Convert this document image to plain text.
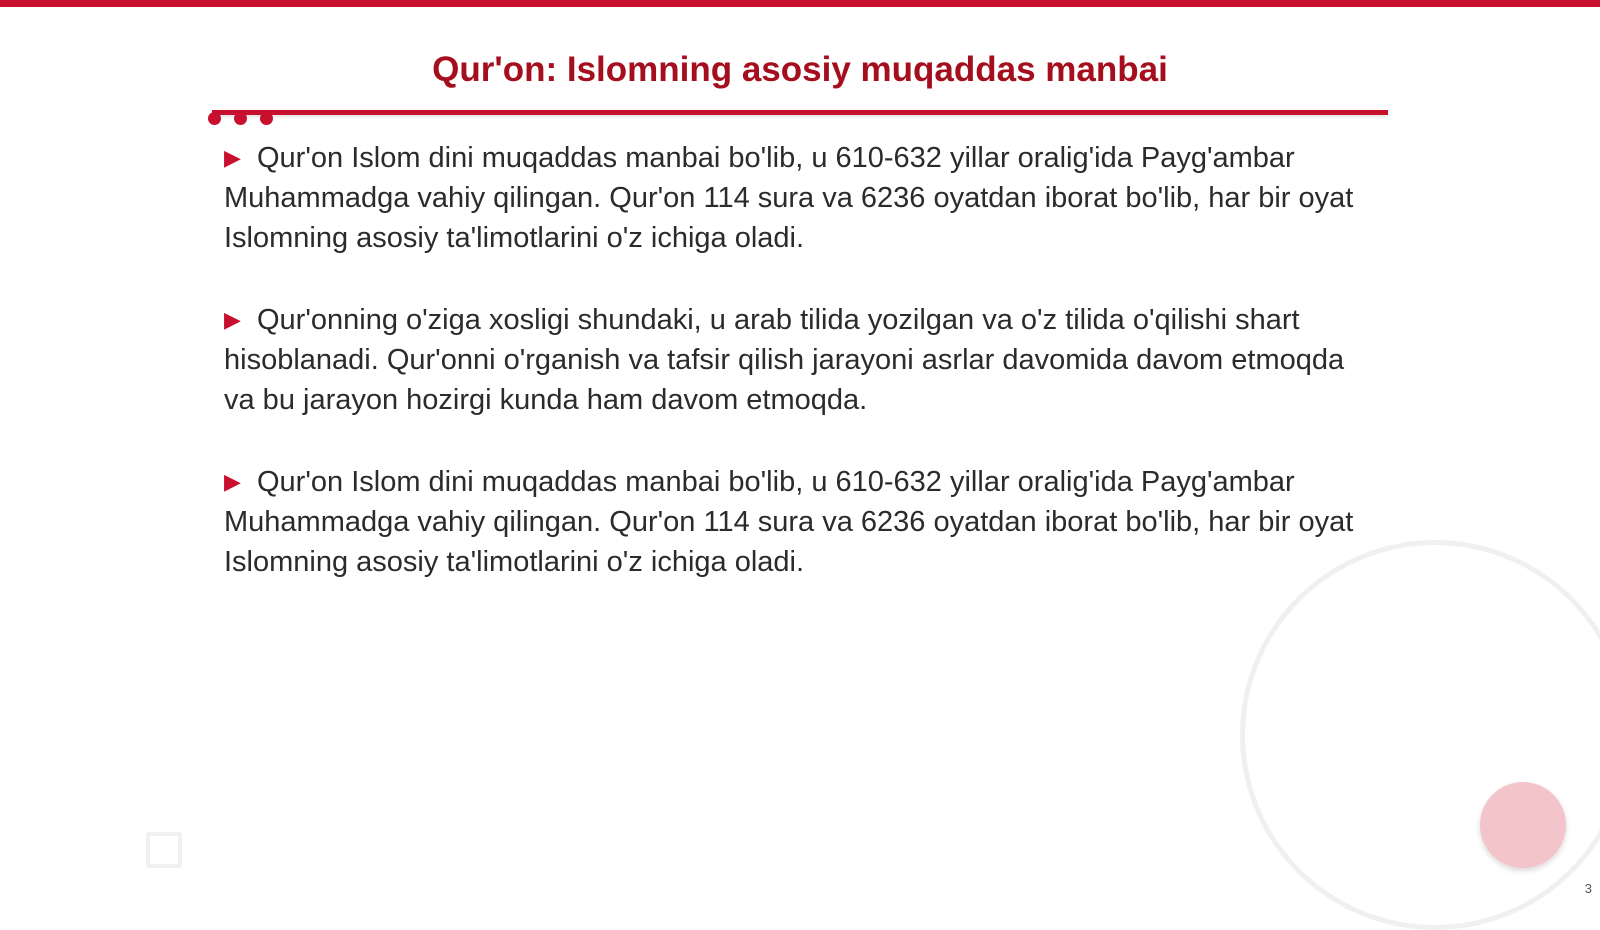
Qur'on: Islomning asosiy muqaddas manbai

▶ Qur'on Islom dini muqaddas manbai bo'lib, u 610-632 yillar oralig'ida Payg'ambar Muhammadga vahiy qilingan. Qur'on 114 sura va 6236 oyatdan iborat bo'lib, har bir oyat Islomning asosiy ta'limotlarini o'z ichiga oladi.

▶ Qur'onning o'ziga xosligi shundaki, u arab tilida yozilgan va o'z tilida o'qilishi shart hisoblanadi. Qur'onni o'rganish va tafsir qilish jarayoni asrlar davomida davom etmoqda va bu jarayon hozirgi kunda ham davom etmoqda.

▶ Qur'on Islom dini muqaddas manbai bo'lib, u 610-632 yillar oralig'ida Payg'ambar Muhammadga vahiy qilingan. Qur'on 114 sura va 6236 oyatdan iborat bo'lib, har bir oyat Islomning asosiy ta'limotlarini o'z ichiga oladi.

3
